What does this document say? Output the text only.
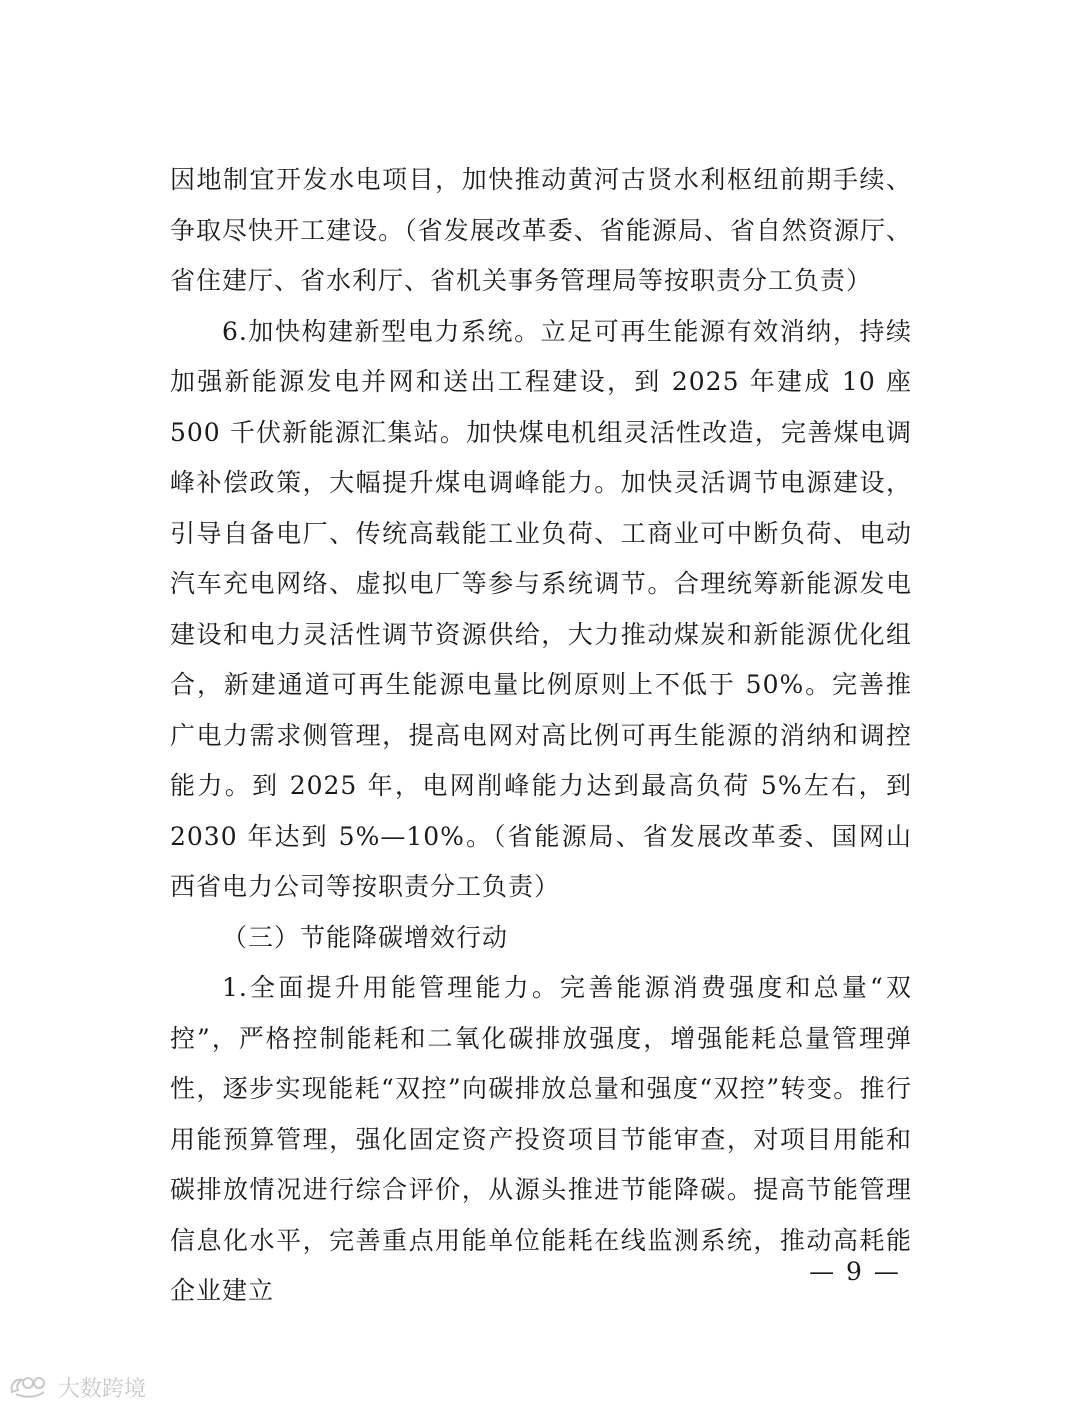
因地制宜开发水电项目，加快推动黄河古贤水利枢纽前期手续、争取尽快开工建设。（省发展改革委、省能源局、省自然资源厅、省住建厅、省水利厅、省机关事务管理局等按职责分工负责）

6.加快构建新型电力系统。立足可再生能源有效消纳，持续加强新能源发电并网和送出工程建设，到 2025 年建成 10 座 500 千伏新能源汇集站。加快煤电机组灵活性改造，完善煤电调峰补偿政策，大幅提升煤电调峰能力。加快灵活调节电源建设，引导自备电厂、传统高载能工业负荷、工商业可中断负荷、电动汽车充电网络、虚拟电厂等参与系统调节。合理统筹新能源发电建设和电力灵活性调节资源供给，大力推动煤炭和新能源优化组合，新建通道可再生能源电量比例原则上不低于 50%。完善推广电力需求侧管理，提高电网对高比例可再生能源的消纳和调控能力。到 2025 年，电网削峰能力达到最高负荷 5%左右，到 2030 年达到 5%—10%。（省能源局、省发展改革委、国网山西省电力公司等按职责分工负责）

（三）节能降碳增效行动

1.全面提升用能管理能力。完善能源消费强度和总量“双控”，严格控制能耗和二氧化碳排放强度，增强能耗总量管理弹性，逐步实现能耗“双控”向碳排放总量和强度“双控”转变。推行用能预算管理，强化固定资产投资项目节能审查，对项目用能和碳排放情况进行综合评价，从源头推进节能降碳。提高节能管理信息化水平，完善重点用能单位能耗在线监测系统，推动高耗能企业建立

— 9 —
大数跨境
